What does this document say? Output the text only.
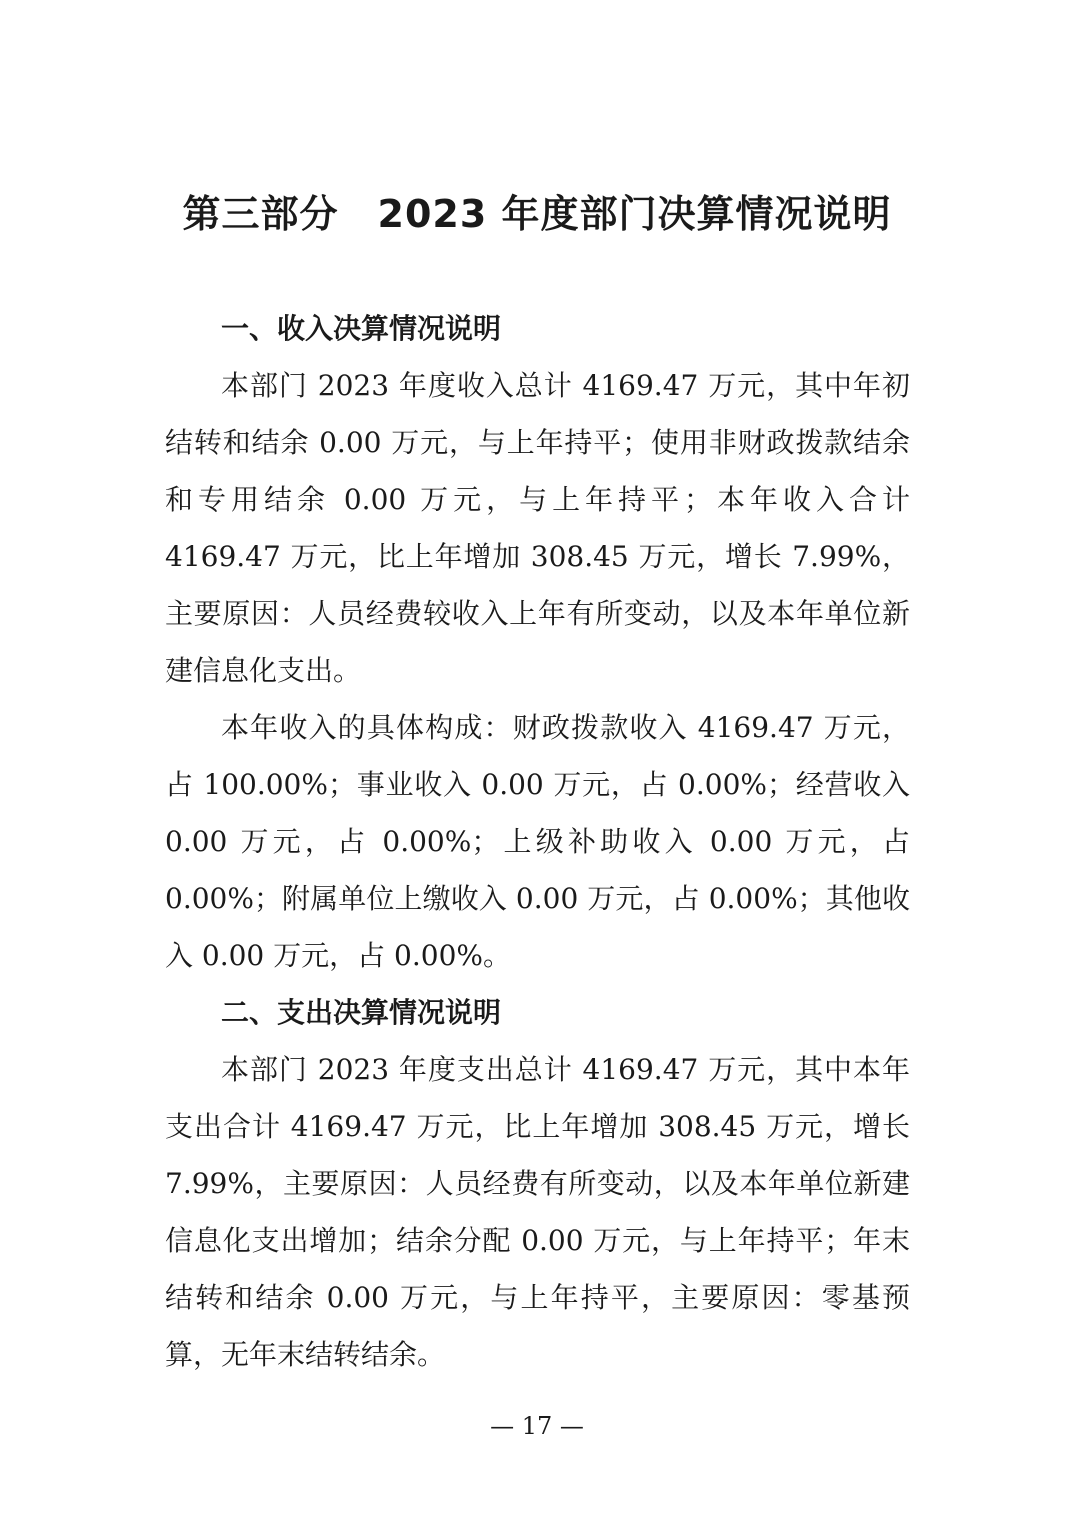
第三部分　2023 年度部门决算情况说明
一、收入决算情况说明

本部门 2023 年度收入总计 4169.47 万元，其中年初结转和结余 0.00 万元，与上年持平；使用非财政拨款结余和专用结余 0.00 万元，与上年持平；本年收入合计 4169.47 万元，比上年增加 308.45 万元，增长 7.99%，主要原因：人员经费较收入上年有所变动，以及本年单位新建信息化支出。

本年收入的具体构成：财政拨款收入 4169.47 万元，占 100.00%；事业收入 0.00 万元，占 0.00%；经营收入 0.00 万元，占 0.00%；上级补助收入 0.00 万元，占 0.00%；附属单位上缴收入 0.00 万元，占 0.00%；其他收入 0.00 万元，占 0.00%。

二、支出决算情况说明

本部门 2023 年度支出总计 4169.47 万元，其中本年支出合计 4169.47 万元，比上年增加 308.45 万元，增长 7.99%，主要原因：人员经费有所变动，以及本年单位新建信息化支出增加；结余分配 0.00 万元，与上年持平；年末结转和结余 0.00 万元，与上年持平，主要原因：零基预算，无年末结转结余。

— 17 —
